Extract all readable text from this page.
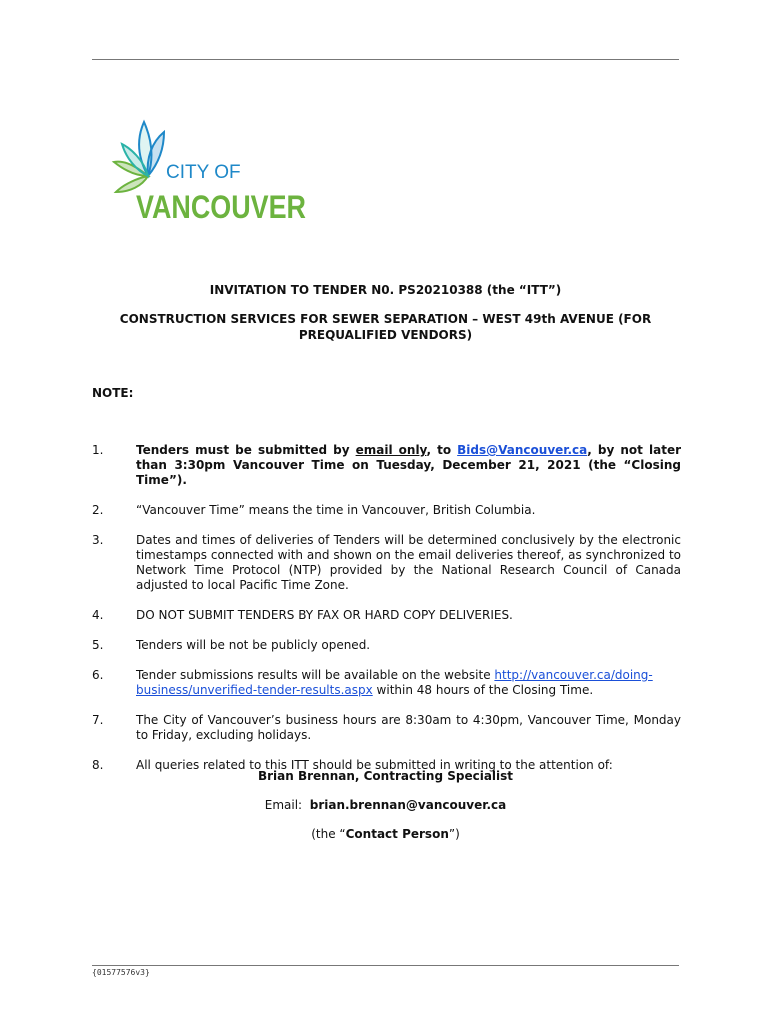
CITY OF
VANCOUVER
INVITATION TO TENDER N0. PS20210388 (the “ITT”)
CONSTRUCTION SERVICES FOR SEWER SEPARATION – WEST 49th AVENUE (FOR PREQUALIFIED VENDORS)
NOTE:
1.	Tenders must be submitted by email only, to Bids@Vancouver.ca, by not later than 3:30pm Vancouver Time on Tuesday, December 21, 2021 (the “Closing Time”).
2.	“Vancouver Time” means the time in Vancouver, British Columbia.
3.	Dates and times of deliveries of Tenders will be determined conclusively by the electronic timestamps connected with and shown on the email deliveries thereof, as synchronized to Network Time Protocol (NTP) provided by the National Research Council of Canada adjusted to local Pacific Time Zone.
4.	DO NOT SUBMIT TENDERS BY FAX OR HARD COPY DELIVERIES.
5.	Tenders will be not be publicly opened.
6.	Tender submissions results will be available on the website http://vancouver.ca/doing-business/unverified-tender-results.aspx within 48 hours of the Closing Time.
7.	The City of Vancouver’s business hours are 8:30am to 4:30pm, Vancouver Time, Monday to Friday, excluding holidays.
8.	All queries related to this ITT should be submitted in writing to the attention of:
Brian Brennan, Contracting Specialist
Email: brian.brennan@vancouver.ca
(the “Contact Person”)
{01577576v3}
